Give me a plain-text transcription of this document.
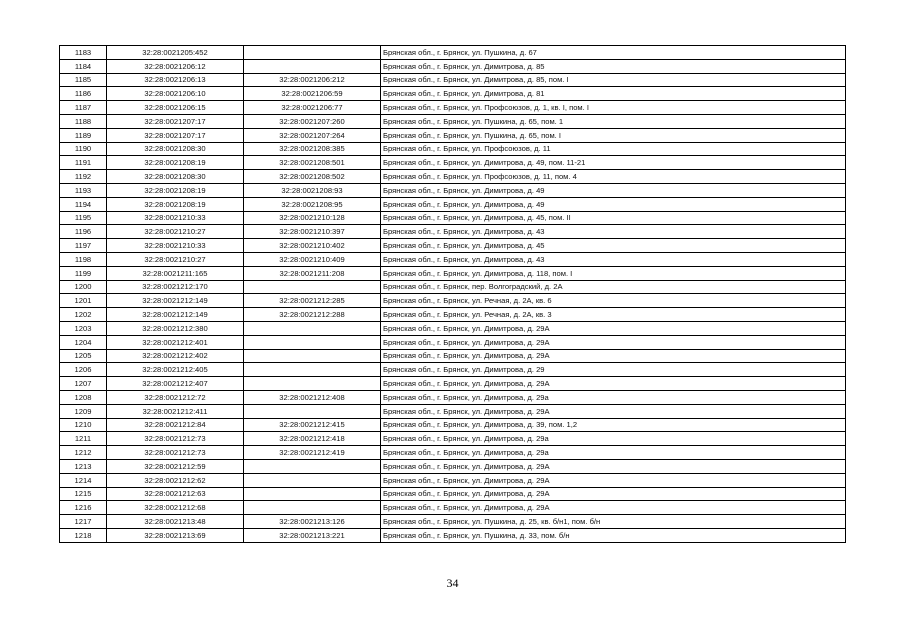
1183	32:28:0021205:452		Брянская обл., г. Брянск, ул. Пушкина, д. 67
1184	32:28:0021206:12		Брянская обл., г. Брянск, ул. Димитрова, д. 85
1185	32:28:0021206:13	32:28:0021206:212	Брянская обл., г. Брянск, ул. Димитрова, д. 85, пом. I
1186	32:28:0021206:10	32:28:0021206:59	Брянская обл., г. Брянск, ул. Димитрова, д. 81
1187	32:28:0021206:15	32:28:0021206:77	Брянская обл., г. Брянск, ул. Профсоюзов, д. 1, кв. I, пом. I
1188	32:28:0021207:17	32:28:0021207:260	Брянская обл., г. Брянск, ул. Пушкина, д. 65, пом. 1
1189	32:28:0021207:17	32:28:0021207:264	Брянская обл., г. Брянск, ул. Пушкина, д. 65, пом. I
1190	32:28:0021208:30	32:28:0021208:385	Брянская обл., г. Брянск, ул. Профсоюзов, д. 11
1191	32:28:0021208:19	32:28:0021208:501	Брянская обл., г. Брянск, ул. Димитрова, д. 49, пом. 11-21
1192	32:28:0021208:30	32:28:0021208:502	Брянская обл., г. Брянск, ул. Профсоюзов, д. 11, пом. 4
1193	32:28:0021208:19	32:28:0021208:93	Брянская обл., г. Брянск, ул. Димитрова, д. 49
1194	32:28:0021208:19	32:28:0021208:95	Брянская обл., г. Брянск, ул. Димитрова, д. 49
1195	32:28:0021210:33	32:28:0021210:128	Брянская обл., г. Брянск, ул. Димитрова, д. 45, пом. II
1196	32:28:0021210:27	32:28:0021210:397	Брянская обл., г. Брянск, ул. Димитрова, д. 43
1197	32:28:0021210:33	32:28:0021210:402	Брянская обл., г. Брянск, ул. Димитрова, д. 45
1198	32:28:0021210:27	32:28:0021210:409	Брянская обл., г. Брянск, ул. Димитрова, д. 43
1199	32:28:0021211:165	32:28:0021211:208	Брянская обл., г. Брянск, ул. Димитрова, д. 118, пом. I
1200	32:28:0021212:170		Брянская обл., г. Брянск, пер. Волгоградский, д. 2А
1201	32:28:0021212:149	32:28:0021212:285	Брянская обл., г. Брянск, ул. Речная, д. 2А, кв. 6
1202	32:28:0021212:149	32:28:0021212:288	Брянская обл., г. Брянск, ул. Речная, д. 2А, кв. 3
1203	32:28:0021212:380		Брянская обл., г. Брянск, ул. Димитрова, д. 29А
1204	32:28:0021212:401		Брянская обл., г. Брянск, ул. Димитрова, д. 29А
1205	32:28:0021212:402		Брянская обл., г. Брянск, ул. Димитрова, д. 29А
1206	32:28:0021212:405		Брянская обл., г. Брянск, ул. Димитрова, д. 29
1207	32:28:0021212:407		Брянская обл., г. Брянск, ул. Димитрова, д. 29А
1208	32:28:0021212:72	32:28:0021212:408	Брянская обл., г. Брянск, ул. Димитрова, д. 29а
1209	32:28:0021212:411		Брянская обл., г. Брянск, ул. Димитрова, д. 29А
1210	32:28:0021212:84	32:28:0021212:415	Брянская обл., г. Брянск, ул. Димитрова, д. 39, пом. 1,2
1211	32:28:0021212:73	32:28:0021212:418	Брянская обл., г. Брянск, ул. Димитрова, д. 29а
1212	32:28:0021212:73	32:28:0021212:419	Брянская обл., г. Брянск, ул. Димитрова, д. 29а
1213	32:28:0021212:59		Брянская обл., г. Брянск, ул. Димитрова, д. 29А
1214	32:28:0021212:62		Брянская обл., г. Брянск, ул. Димитрова, д. 29А
1215	32:28:0021212:63		Брянская обл., г. Брянск, ул. Димитрова, д. 29А
1216	32:28:0021212:68		Брянская обл., г. Брянск, ул. Димитрова, д. 29А
1217	32:28:0021213:48	32:28:0021213:126	Брянская обл., г. Брянск, ул. Пушкина, д. 25, кв. б/н1, пом. б/н
1218	32:28:0021213:69	32:28:0021213:221	Брянская обл., г. Брянск, ул. Пушкина, д. 33, пом. б/н
34
